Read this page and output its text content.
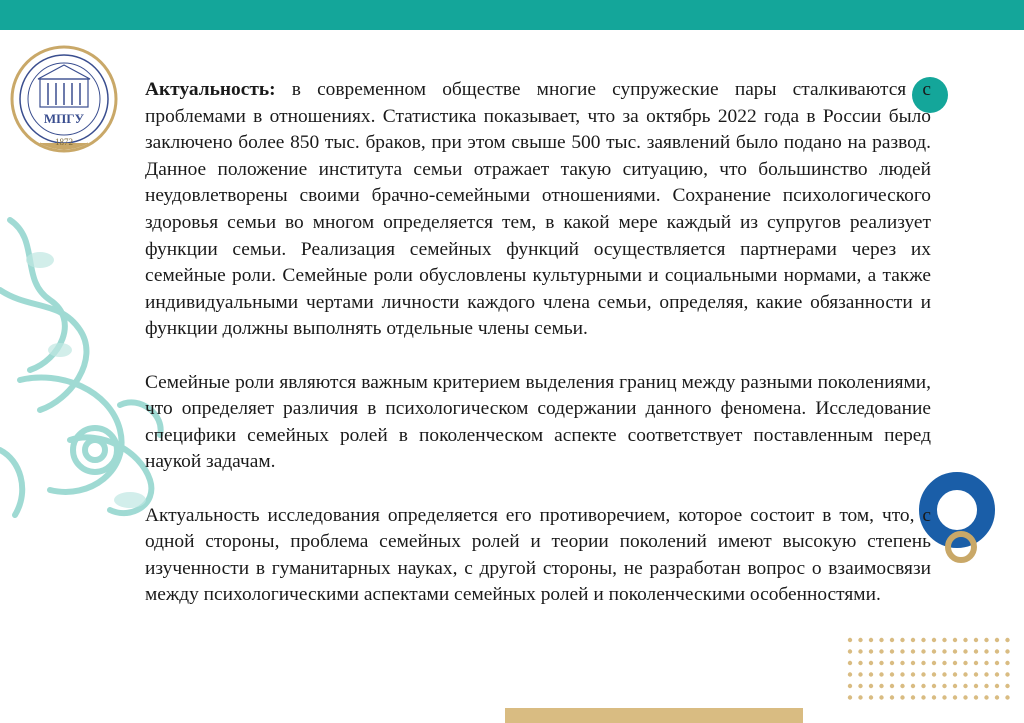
МПГУ
1872

Актуальность: в современном обществе многие супружеские пары сталкиваются с проблемами в отношениях. Статистика показывает, что за октябрь 2022 года в России было заключено более 850 тыс. браков, при этом свыше 500 тыс. заявлений было подано на развод. Данное положение института семьи отражает такую ситуацию, что большинство людей неудовлетворены своими брачно-семейными отношениями. Сохранение психологического здоровья семьи во многом определяется тем, в какой мере каждый из супругов реализует функции семьи. Реализация семейных функций осуществляется партнерами через их семейные роли. Семейные роли обусловлены культурными и социальными нормами, а также индивидуальными чертами личности каждого члена семьи, определяя, какие обязанности и функции должны выполнять отдельные члены семьи.

Семейные роли являются важным критерием выделения границ между разными поколениями, что определяет различия в психологическом содержании данного феномена. Исследование специфики семейных ролей в поколенческом аспекте соответствует поставленным перед наукой задачам.

Актуальность исследования определяется его противоречием, которое состоит в том, что, с одной стороны, проблема семейных ролей и теории поколений имеют высокую степень изученности в гуманитарных науках, с другой стороны, не разработан вопрос о взаимосвязи между психологическими аспектами семейных ролей и поколенческими особенностями.
